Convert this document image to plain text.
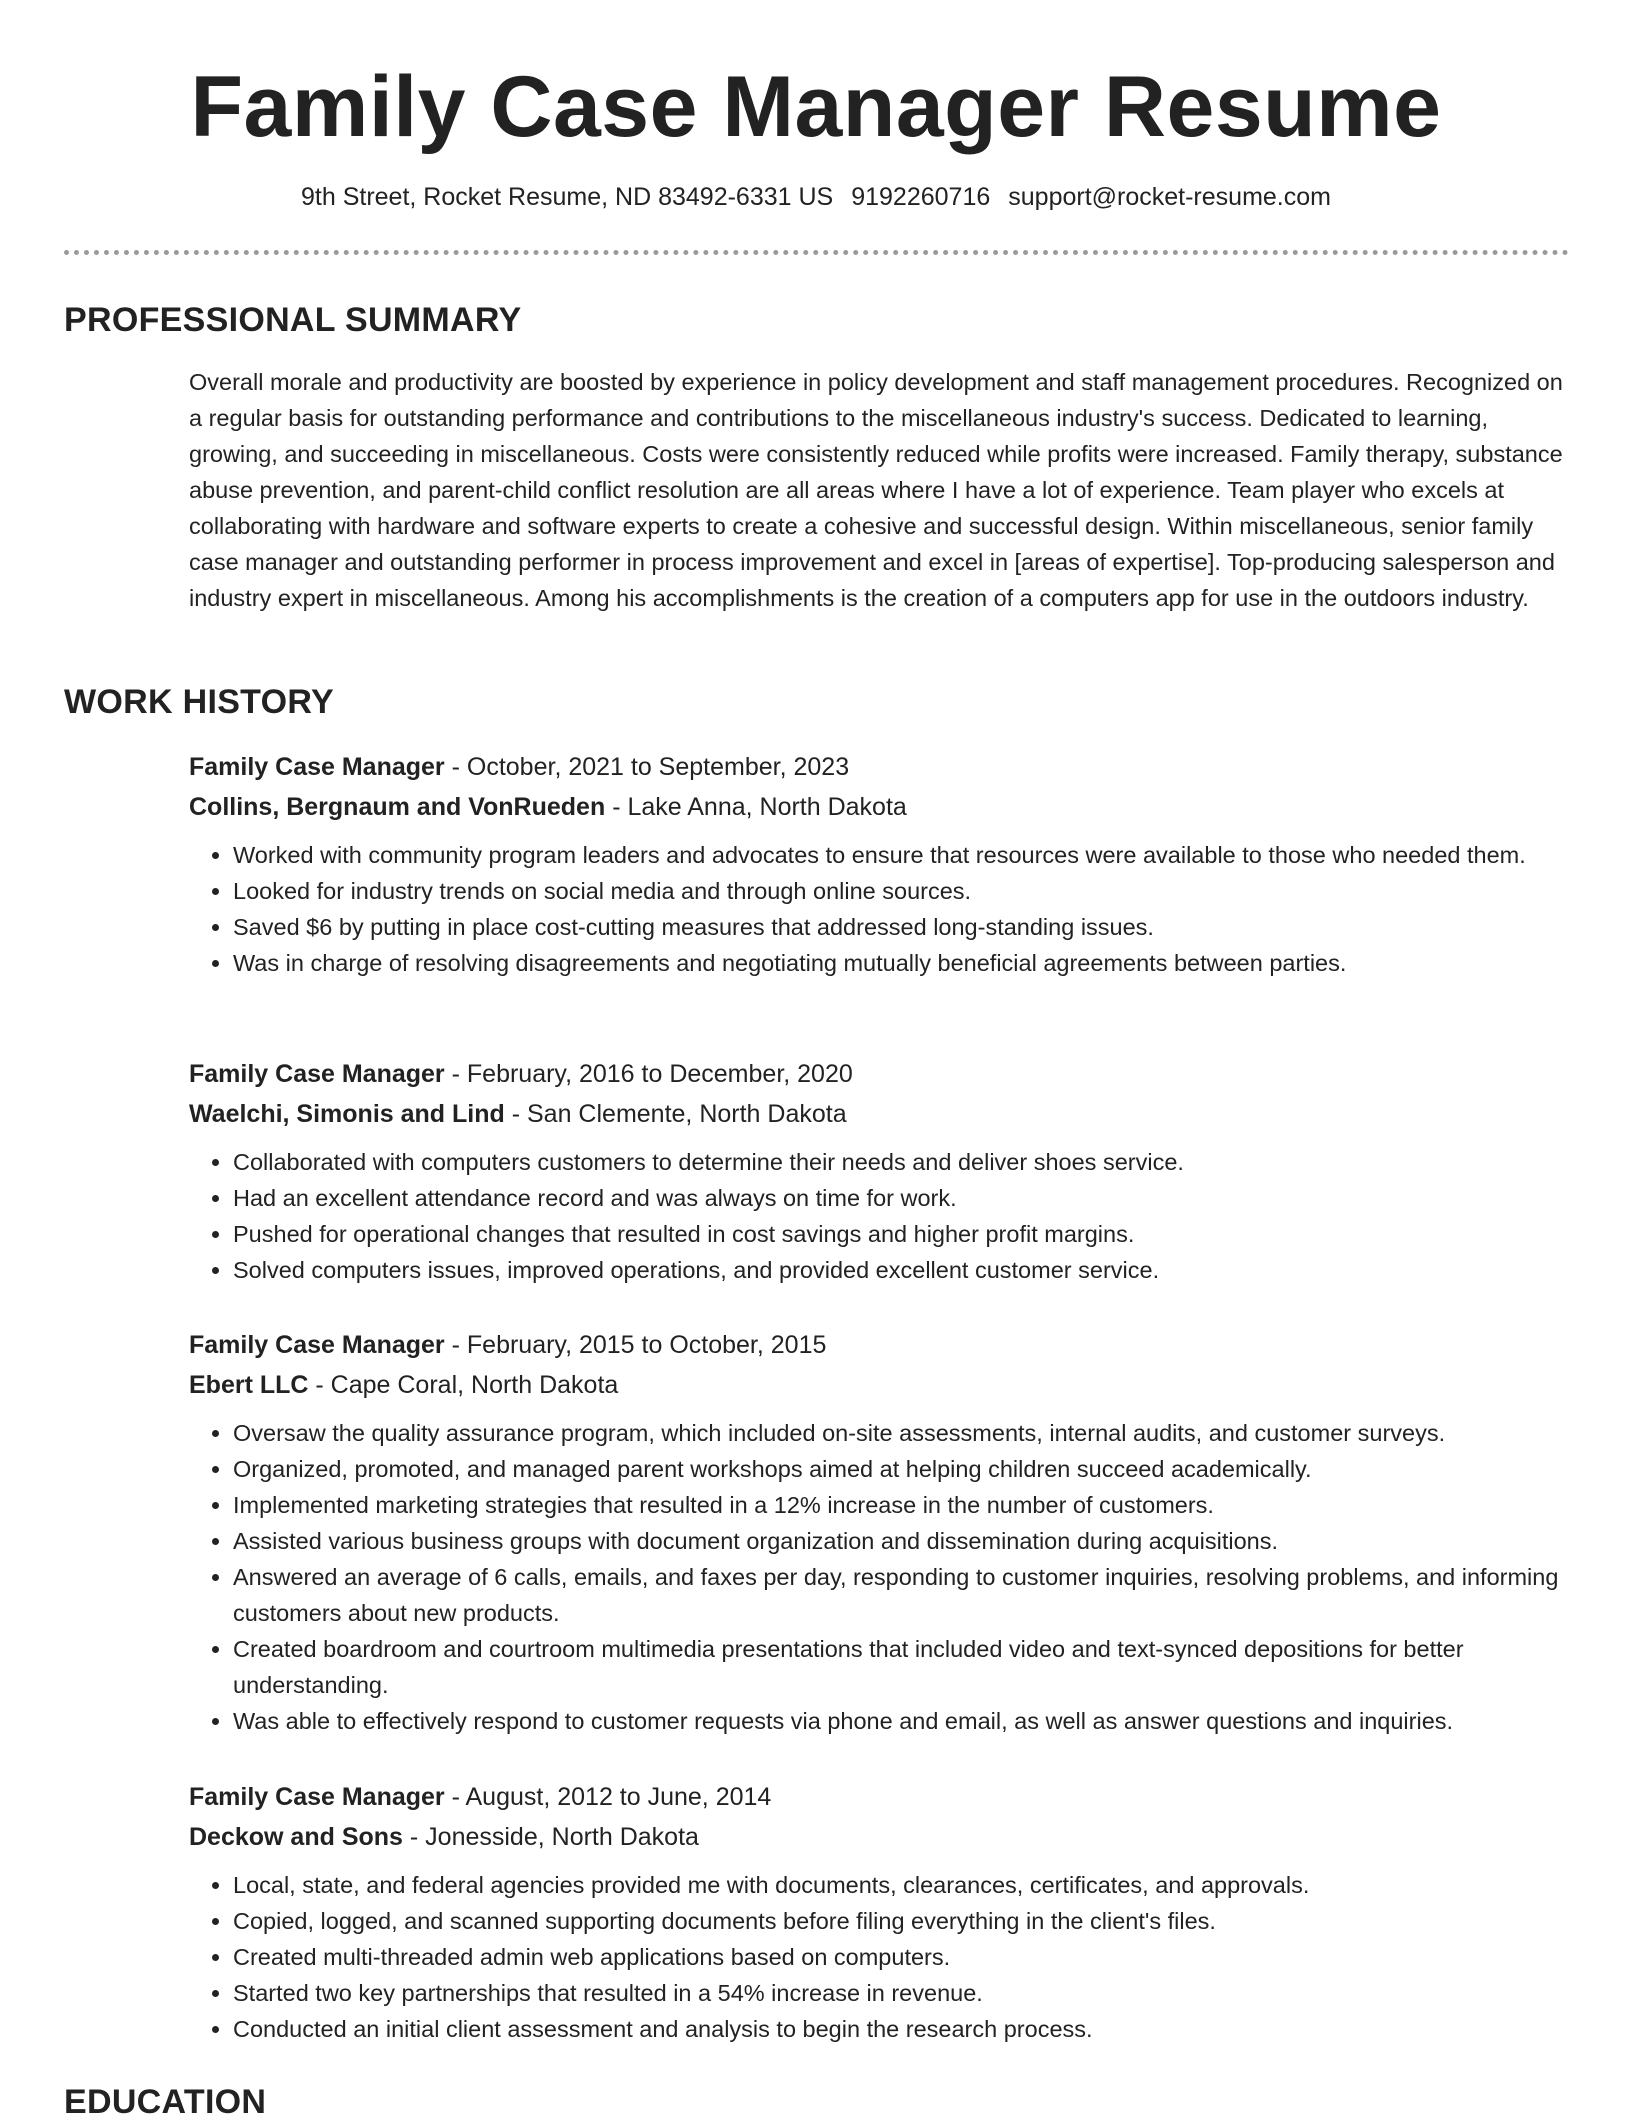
Family Case Manager Resume
9th Street, Rocket Resume, ND 83492-6331 US 9192260716 support@rocket-resume.com
PROFESSIONAL SUMMARY

Overall morale and productivity are boosted by experience in policy development and staff management procedures. Recognized on a regular basis for outstanding performance and contributions to the miscellaneous industry's success. Dedicated to learning, growing, and succeeding in miscellaneous. Costs were consistently reduced while profits were increased. Family therapy, substance abuse prevention, and parent-child conflict resolution are all areas where I have a lot of experience. Team player who excels at collaborating with hardware and software experts to create a cohesive and successful design. Within miscellaneous, senior family case manager and outstanding performer in process improvement and excel in [areas of expertise]. Top-producing salesperson and industry expert in miscellaneous. Among his accomplishments is the creation of a computers app for use in the outdoors industry.

WORK HISTORY
Family Case Manager - October, 2021 to September, 2023
Collins, Bergnaum and VonRueden - Lake Anna, North Dakota
• Worked with community program leaders and advocates to ensure that resources were available to those who needed them.
• Looked for industry trends on social media and through online sources.
• Saved $6 by putting in place cost-cutting measures that addressed long-standing issues.
• Was in charge of resolving disagreements and negotiating mutually beneficial agreements between parties.
Family Case Manager - February, 2016 to December, 2020
Waelchi, Simonis and Lind - San Clemente, North Dakota
• Collaborated with computers customers to determine their needs and deliver shoes service.
• Had an excellent attendance record and was always on time for work.
• Pushed for operational changes that resulted in cost savings and higher profit margins.
• Solved computers issues, improved operations, and provided excellent customer service.
Family Case Manager - February, 2015 to October, 2015
Ebert LLC - Cape Coral, North Dakota
• Oversaw the quality assurance program, which included on-site assessments, internal audits, and customer surveys.
• Organized, promoted, and managed parent workshops aimed at helping children succeed academically.
• Implemented marketing strategies that resulted in a 12% increase in the number of customers.
• Assisted various business groups with document organization and dissemination during acquisitions.
• Answered an average of 6 calls, emails, and faxes per day, responding to customer inquiries, resolving problems, and informing customers about new products.
• Created boardroom and courtroom multimedia presentations that included video and text-synced depositions for better understanding.
• Was able to effectively respond to customer requests via phone and email, as well as answer questions and inquiries.
Family Case Manager - August, 2012 to June, 2014
Deckow and Sons - Jonesside, North Dakota
• Local, state, and federal agencies provided me with documents, clearances, certificates, and approvals.
• Copied, logged, and scanned supporting documents before filing everything in the client's files.
• Created multi-threaded admin web applications based on computers.
• Started two key partnerships that resulted in a 54% increase in revenue.
• Conducted an initial client assessment and analysis to begin the research process.
EDUCATION
